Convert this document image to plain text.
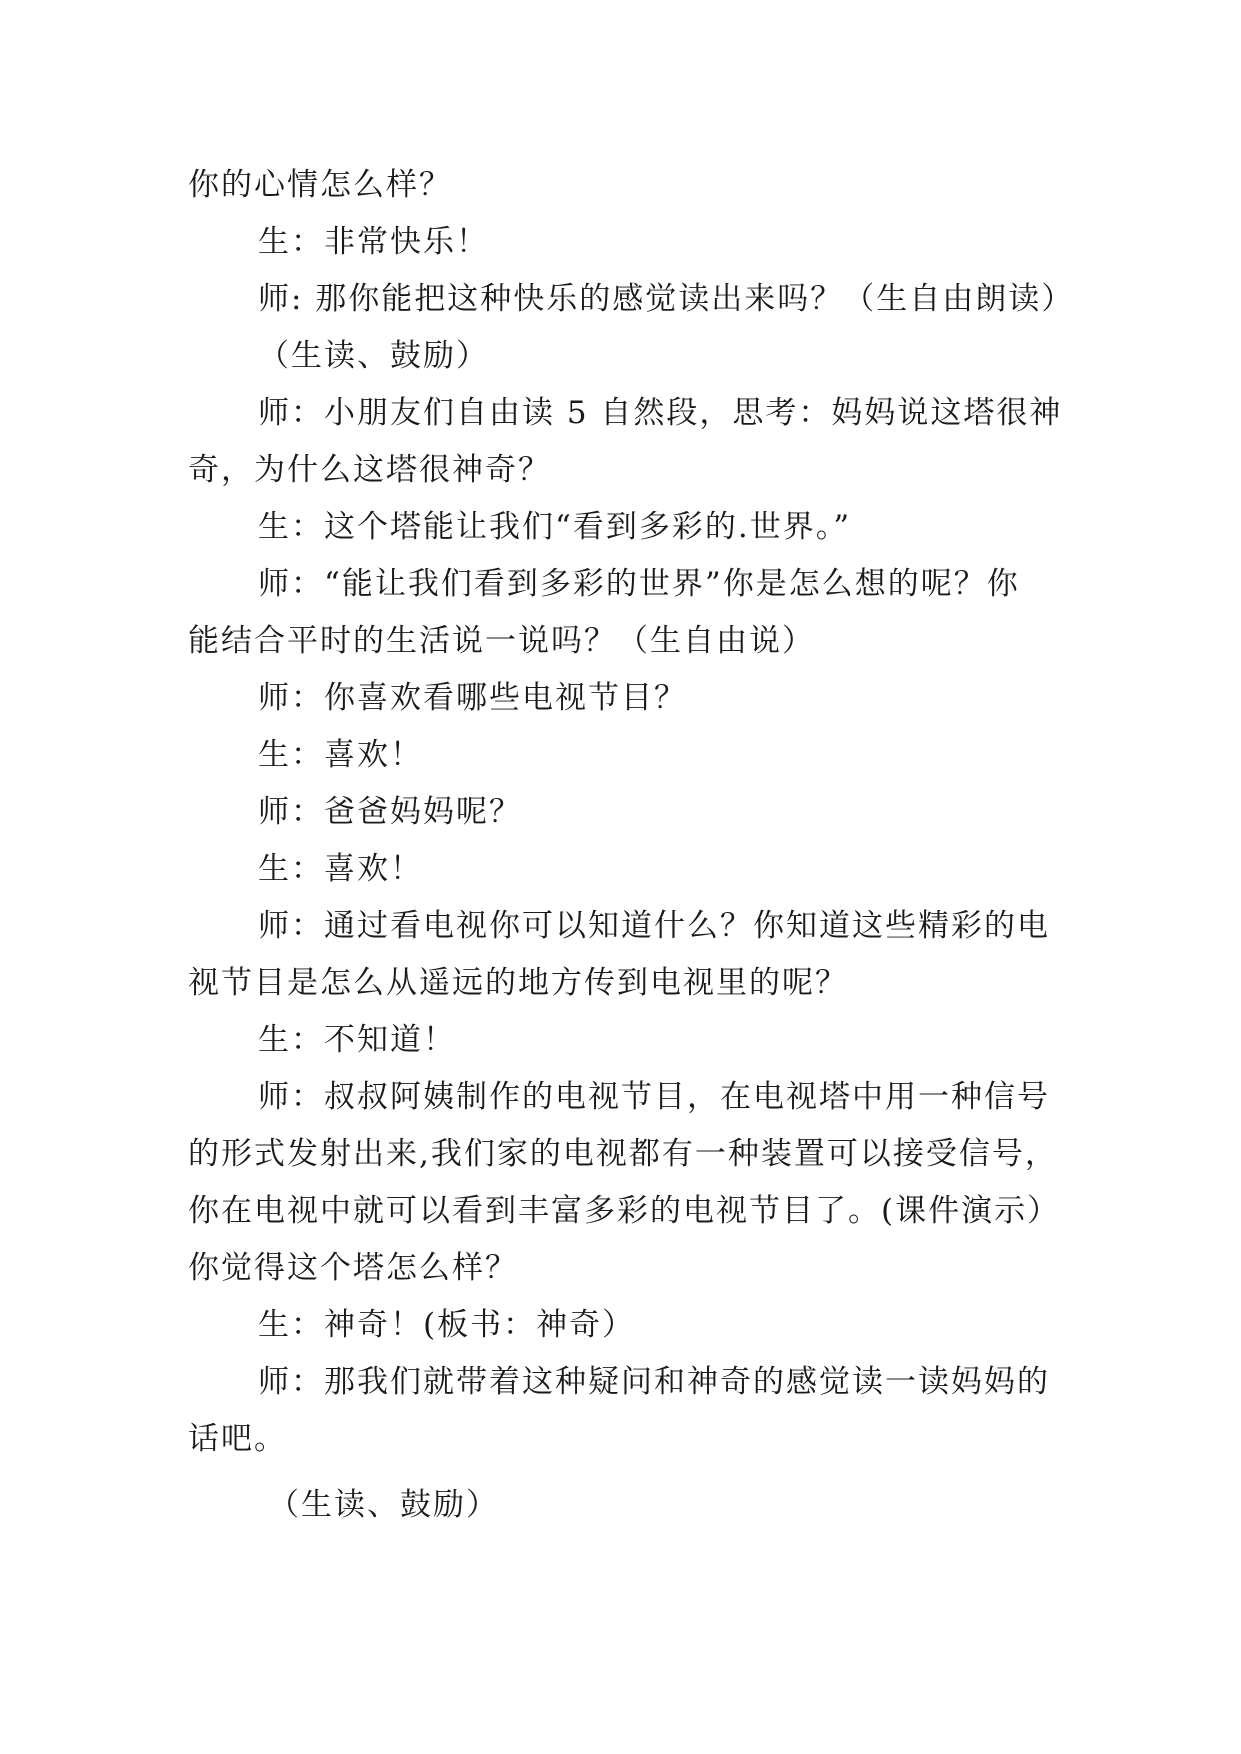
你的心情怎么样？
生：非常快乐！
师: 那你能把这种快乐的感觉读出来吗？（生自由朗读）
（生读、鼓励）
师：小朋友们自由读 5 自然段，思考：妈妈说这塔很神
奇，为什么这塔很神奇？
生：这个塔能让我们“看到多彩的.世界。”
师：“能让我们看到多彩的世界”你是怎么想的呢？你
能结合平时的生活说一说吗？（生自由说）
师：你喜欢看哪些电视节目？
生：喜欢！
师：爸爸妈妈呢？
生：喜欢！
师：通过看电视你可以知道什么？你知道这些精彩的电
视节目是怎么从遥远的地方传到电视里的呢？
生：不知道！
师：叔叔阿姨制作的电视节目，在电视塔中用一种信号
的形式发射出来,我们家的电视都有一种装置可以接受信号，
你在电视中就可以看到丰富多彩的电视节目了。(课件演示）
你觉得这个塔怎么样？
生：神奇！(板书：神奇）
师：那我们就带着这种疑问和神奇的感觉读一读妈妈的
话吧。
（生读、鼓励）
